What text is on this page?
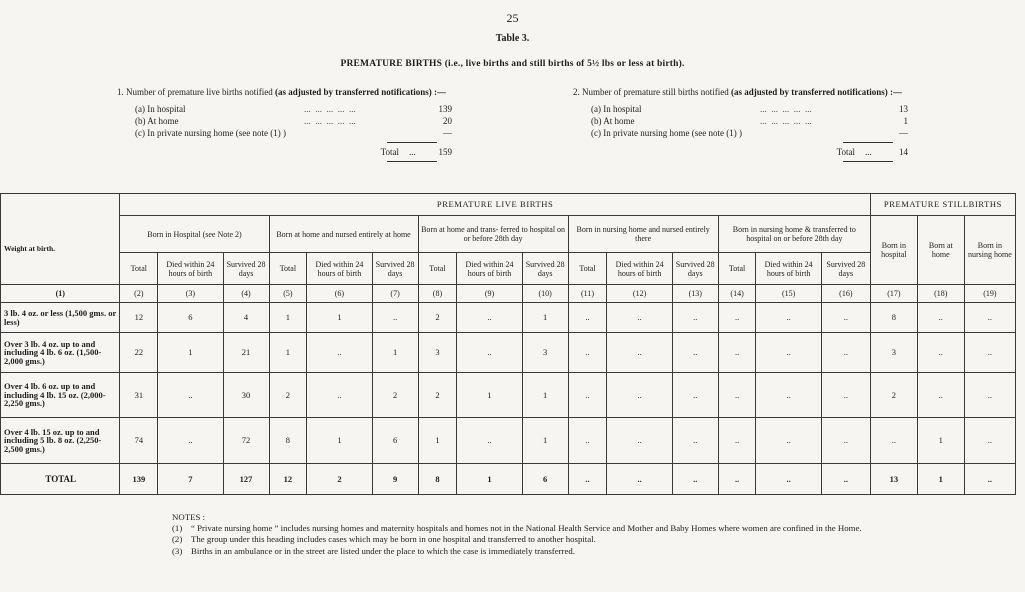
25
Table 3.
PREMATURE BIRTHS (i.e., live births and still births of 5½ lbs or less at birth).
1. Number of premature live births notified (as adjusted by transferred notifications) :—
(a) In hospital	...  ...  ...  ...  ...	139
(b) At home	...  ...  ...  ...  ...	20
(c) In private nursing home (see note (1) )	—
Total	...	159
2. Number of premature still births notified (as adjusted by transferred notifications) :—
(a) In hospital	...  ...  ...  ...  ...	13
(b) At home	...  ...  ...  ...  ...	1
(c) In private nursing home (see note (1) )	—
Total	...	14
Weight at birth.	PREMATURE LIVE BIRTHS															PREMATURE STILLBIRTHS		
	Born in Hospital (see Note 2)			Born at home and nursed entirely at home			Born at home and trans- ferred to hospital on or before 28th day			Born in nursing home and nursed entirely there			Born in nursing home & transferred to hospital on or before 28th day			Born in hospital	Born at home	Born in nursing home
	Total	Died within 24 hours of birth	Survived 28 days	Total	Died within 24 hours of birth	Survived 28 days	Total	Died within 24 hours of birth	Survived 28 days	Total	Died within 24 hours of birth	Survived 28 days	Total	Died within 24 hours of birth	Survived 28 days			
(1)	(2)	(3)	(4)	(5)	(6)	(7)	(8)	(9)	(10)	(11)	(12)	(13)	(14)	(15)	(16)	(17)	(18)	(19)
3 lb. 4 oz. or less (1,500 gms. or less)	12	6	4	1	1	..	2	..	1	..	..	..	..	..	..	8	..	..
Over 3 lb. 4 oz. up to and including 4 lb. 6 oz. (1,500-2,000 gms.)	22	1	21	1	..	1	3	..	3	..	..	..	..	..	..	3	..	..
Over 4 lb. 6 oz. up to and including 4 lb. 15 oz. (2,000-2,250 gms.)	31	..	30	2	..	2	2	1	1	..	..	..	..	..	..	2	..	..
Over 4 lb. 15 oz. up to and including 5 lb. 8 oz. (2,250-2,500 gms.)	74	..	72	8	1	6	1	..	1	..	..	..	..	..	..	..	1	..
TOTAL	139	7	127	12	2	9	8	1	6	..	..	..	..	..	..	13	1	..
NOTES :
(1) “ Private nursing home ” includes nursing homes and maternity hospitals and homes not in the National Health Service and Mother and Baby Homes where women are confined in the Home.
(2) The group under this heading includes cases which may be born in one hospital and transferred to another hospital.
(3) Births in an ambulance or in the street are listed under the place to which the case is immediately transferred.
